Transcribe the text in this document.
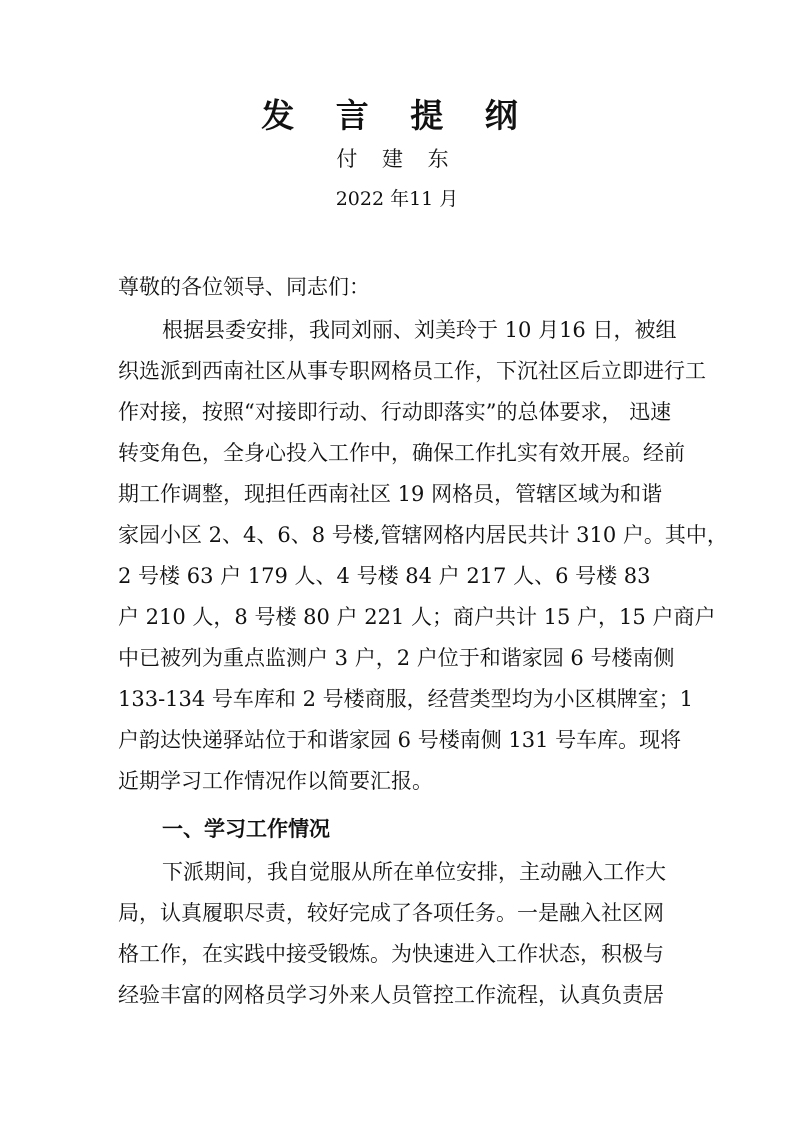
发 言 提 纲
付 建 东
2022 年11 月
尊敬的各位领导、同志们：
根据县委安排，我同刘丽、刘美玲于 10 月16 日，被组
织选派到西南社区从事专职网格员工作，下沉社区后立即进行工
作对接，按照“对接即行动、行动即落实”的总体要求， 迅速
转变角色，全身心投入工作中，确保工作扎实有效开展。经前
期工作调整，现担任西南社区 19 网格员，管辖区域为和谐
家园小区 2、4、6、8 号楼,管辖网格内居民共计 310 户。其中，
2 号楼 63 户 179 人、4 号楼 84 户 217 人、6 号楼 83
户 210 人，8 号楼 80 户 221 人；商户共计 15 户，15 户商户
中已被列为重点监测户 3 户，2 户位于和谐家园 6 号楼南侧
133-134 号车库和 2 号楼商服，经营类型均为小区棋牌室；1
户韵达快递驿站位于和谐家园 6 号楼南侧 131 号车库。现将
近期学习工作情况作以简要汇报。
一、学习工作情况
下派期间，我自觉服从所在单位安排，主动融入工作大
局，认真履职尽责，较好完成了各项任务。一是融入社区网
格工作，在实践中接受锻炼。为快速进入工作状态，积极与
经验丰富的网格员学习外来人员管控工作流程，认真负责居
